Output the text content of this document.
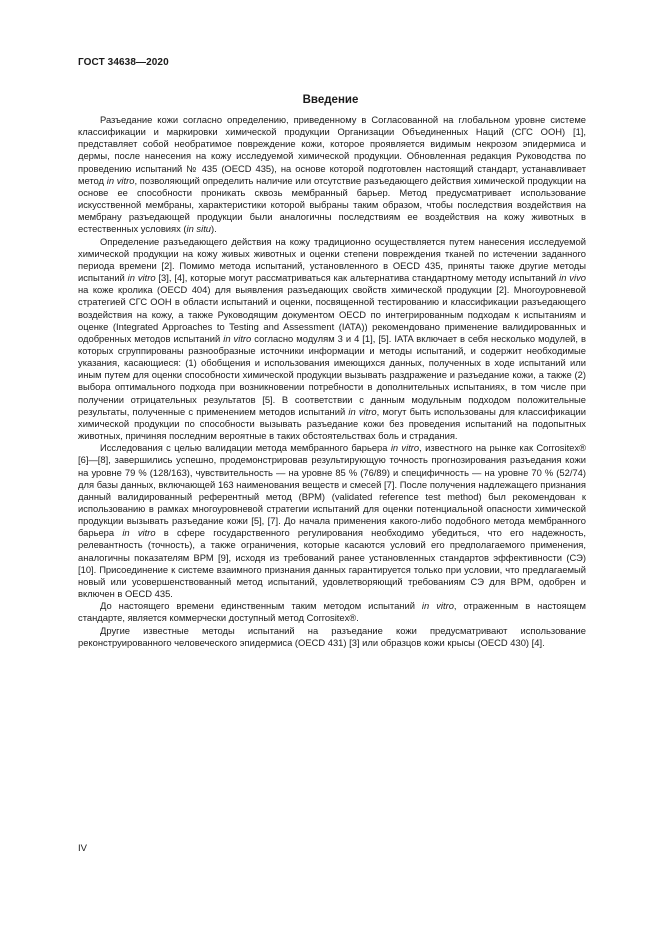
ГОСТ 34638—2020
Введение

Разъедание кожи согласно определению, приведенному в Согласованной на глобальном уровне системе классификации и маркировки химической продукции Организации Объединенных Наций (СГС ООН) [1], представляет собой необратимое повреждение кожи, которое проявляется видимым некрозом эпидермиса и дермы, после нанесения на кожу исследуемой химической продукции. Обновленная редакция Руководства по проведению испытаний № 435 (OECD 435), на основе которой подготовлен настоящий стандарт, устанавливает метод in vitro, позволяющий определить наличие или отсутствие разъедающего действия химической продукции на основе ее способности проникать сквозь мембранный барьер. Метод предусматривает использование искусственной мембраны, характеристики которой выбраны таким образом, чтобы последствия воздействия на мембрану разъедающей продукции были аналогичны последствиям ее воздействия на кожу животных в естественных условиях (in situ).

Определение разъедающего действия на кожу традиционно осуществляется путем нанесения исследуемой химической продукции на кожу живых животных и оценки степени повреждения тканей по истечении заданного периода времени [2]. Помимо метода испытаний, установленного в OECD 435, приняты также другие методы испытаний in vitro [3], [4], которые могут рассматриваться как альтернатива стандартному методу испытаний in vivo на коже кролика (OECD 404) для выявления разъедающих свойств химической продукции [2]. Многоуровневой стратегией СГС ООН в области испытаний и оценки, посвященной тестированию и классификации разъедающего воздействия на кожу, а также Руководящим документом OECD по интегрированным подходам к испытаниям и оценке (Integrated Approaches to Testing and Assessment (IATA)) рекомендовано применение валидированных и одобренных методов испытаний in vitro согласно модулям 3 и 4 [1], [5]. IATA включает в себя несколько модулей, в которых сгруппированы разнообразные источники информации и методы испытаний, и содержит необходимые указания, касающиеся: (1) обобщения и использования имеющихся данных, полученных в ходе испытаний или иным путем для оценки способности химической продукции вызывать раздражение и разъедание кожи, а также (2) выбора оптимального подхода при возникновении потребности в дополнительных испытаниях, в том числе при получении отрицательных результатов [5]. В соответствии с данным модульным подходом положительные результаты, полученные с применением методов испытаний in vitro, могут быть использованы для классификации химической продукции по способности вызывать разъедание кожи без проведения испытаний на подопытных животных, причиняя последним вероятные в таких обстоятельствах боль и страдания.

Исследования с целью валидации метода мембранного барьера in vitro, известного на рынке как Corrositex® [6]—[8], завершились успешно, продемонстрировав результирующую точность прогнозирования разъедания кожи на уровне 79 % (128/163), чувствительность — на уровне 85 % (76/89) и специфичность — на уровне 70 % (52/74) для базы данных, включающей 163 наименования веществ и смесей [7]. После получения надлежащего признания данный валидированный референтный метод (ВРМ) (validated reference test method) был рекомендован к использованию в рамках многоуровневой стратегии испытаний для оценки потенциальной опасности химической продукции вызывать разъедание кожи [5], [7]. До начала применения какого-либо подобного метода мембранного барьера in vitro в сфере государственного регулирования необходимо убедиться, что его надежность, релевантность (точность), а также ограничения, которые касаются условий его предполагаемого применения, аналогичны показателям ВРМ [9], исходя из требований ранее установленных стандартов эффективности (СЭ) [10]. Присоединение к системе взаимного признания данных гарантируется только при условии, что предлагаемый новый или усовершенствованный метод испытаний, удовлетворяющий требованиям СЭ для ВРМ, одобрен и включен в OECD 435.

До настоящего времени единственным таким методом испытаний in vitro, отраженным в настоящем стандарте, является коммерчески доступный метод Corrositex®.

Другие известные методы испытаний на разъедание кожи предусматривают использование реконструированного человеческого эпидермиса (OECD 431) [3] или образцов кожи крысы (OECD 430) [4].

IV
